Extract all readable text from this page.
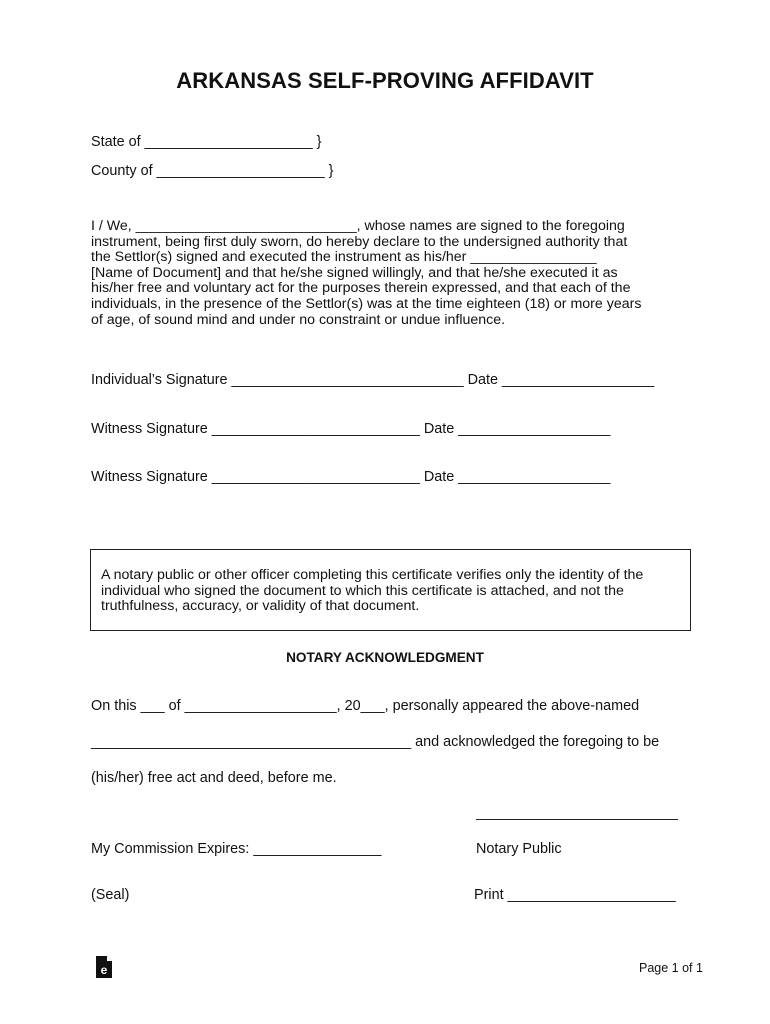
ARKANSAS SELF-PROVING AFFIDAVIT
State of _____________________ }
County of _____________________ }
I / We, ____________________________, whose names are signed to the foregoing
instrument, being first duly sworn, do hereby declare to the undersigned authority that
the Settlor(s) signed and executed the instrument as his/her ________________
[Name of Document] and that he/she signed willingly, and that he/she executed it as
his/her free and voluntary act for the purposes therein expressed, and that each of the
individuals, in the presence of the Settlor(s) was at the time eighteen (18) or more years
of age, of sound mind and under no constraint or undue influence.
Individual’s Signature _____________________________ Date ___________________
Witness Signature __________________________ Date ___________________
Witness Signature __________________________ Date ___________________
A notary public or other officer completing this certificate verifies only the identity of the
individual who signed the document to which this certificate is attached, and not the
truthfulness, accuracy, or validity of that document.
NOTARY ACKNOWLEDGMENT
On this ___ of ___________________, 20___, personally appeared the above-named
________________________________________ and acknowledged the foregoing to be
(his/her) free act and deed, before me.
My Commission Expires: ________________	Notary Public
(Seal)	Print _____________________
e	Page 1 of 1
